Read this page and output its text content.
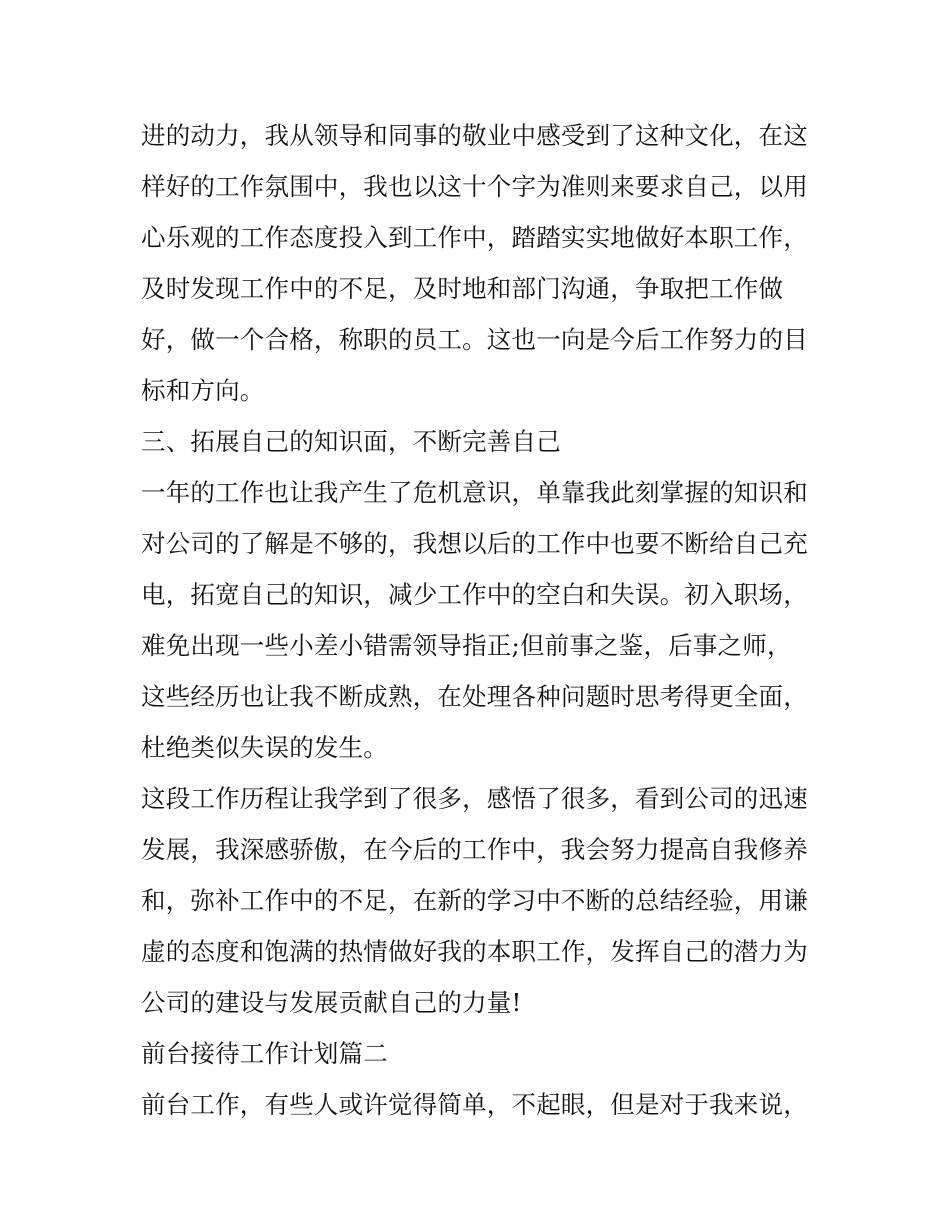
进的动力，我从领导和同事的敬业中感受到了这种文化，在这
样好的工作氛围中，我也以这十个字为准则来要求自己，以用
心乐观的工作态度投入到工作中，踏踏实实地做好本职工作，
及时发现工作中的不足，及时地和部门沟通，争取把工作做
好，做一个合格，称职的员工。这也一向是今后工作努力的目
标和方向。
三、拓展自己的知识面，不断完善自己
一年的工作也让我产生了危机意识，单靠我此刻掌握的知识和
对公司的了解是不够的，我想以后的工作中也要不断给自己充
电，拓宽自己的知识，减少工作中的空白和失误。初入职场，
难免出现一些小差小错需领导指正;但前事之鉴，后事之师，
这些经历也让我不断成熟，在处理各种问题时思考得更全面，
杜绝类似失误的发生。
这段工作历程让我学到了很多，感悟了很多，看到公司的迅速
发展，我深感骄傲，在今后的工作中，我会努力提高自我修养
和，弥补工作中的不足，在新的学习中不断的总结经验，用谦
虚的态度和饱满的热情做好我的本职工作，发挥自己的潜力为
公司的建设与发展贡献自己的力量!
前台接待工作计划篇二
前台工作，有些人或许觉得简单，不起眼，但是对于我来说，
